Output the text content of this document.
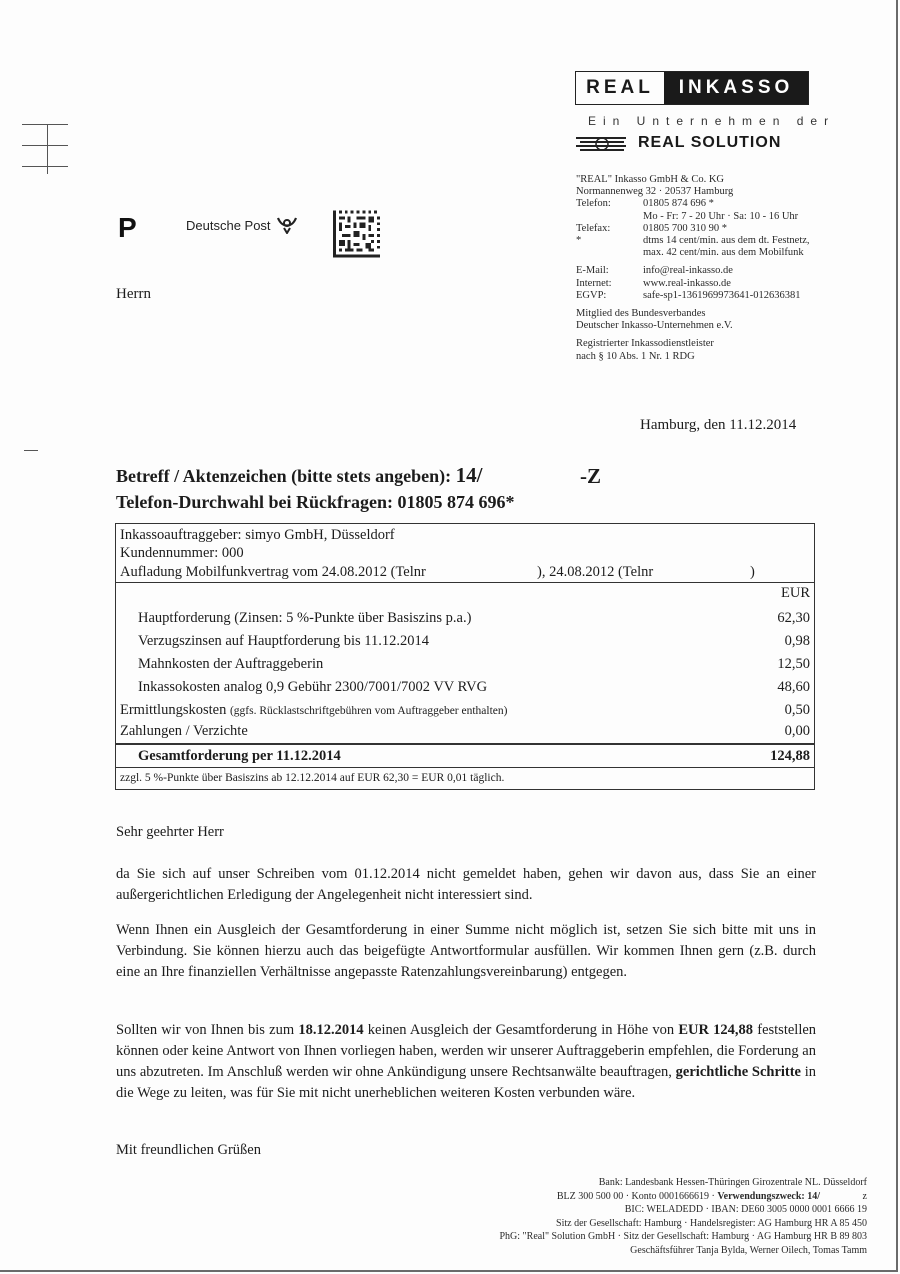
REAL	INKASSO
Ein Unternehmen der
REAL SOLUTION
"REAL" Inkasso GmbH & Co. KG
Normannenweg 32 · 20537 Hamburg
Telefon:	01805 874 696 *
Mo - Fr: 7 - 20 Uhr · Sa: 10 - 16 Uhr
Telefax:	01805 700 310 90 *
*	dtms 14 cent/min. aus dem dt. Festnetz,
max. 42 cent/min. aus dem Mobilfunk
E-Mail:	info@real-inkasso.de
Internet:	www.real-inkasso.de
EGVP:	safe-sp1-1361969973641-012636381
Mitglied des Bundesverbandes
Deutscher Inkasso-Unternehmen e.V.
Registrierter Inkassodienstleister
nach § 10 Abs. 1 Nr. 1 RDG
P	Deutsche Post
Herrn
Hamburg, den 11.12.2014
Betreff / Aktenzeichen (bitte stets angeben): 14/
Telefon-Durchwahl bei Rückfragen: 01805 874 696*
-Z
Inkassoauftraggeber: simyo GmbH, Düsseldorf
Kundennummer: 000
Aufladung Mobilfunkvertrag vom 24.08.2012 (Telnr	), 24.08.2012 (Telnr	)
EUR
Hauptforderung (Zinsen: 5 %-Punkte über Basiszins p.a.)	62,30
Verzugszinsen auf Hauptforderung bis 11.12.2014	0,98
Mahnkosten der Auftraggeberin	12,50
Inkassokosten analog 0,9 Gebühr 2300/7001/7002 VV RVG	48,60
Ermittlungskosten (ggfs. Rücklastschriftgebühren vom Auftraggeber enthalten)	0,50
Zahlungen / Verzichte	0,00
Gesamtforderung per 11.12.2014	124,88
zzgl. 5 %-Punkte über Basiszins ab 12.12.2014 auf EUR 62,30 = EUR 0,01 täglich.
Sehr geehrter Herr
da Sie sich auf unser Schreiben vom 01.12.2014 nicht gemeldet haben, gehen wir davon aus, dass Sie an einer außergerichtlichen Erledigung der Angelegenheit nicht interessiert sind.
Wenn Ihnen ein Ausgleich der Gesamtforderung in einer Summe nicht möglich ist, setzen Sie sich bitte mit uns in Verbindung. Sie können hierzu auch das beigefügte Antwortformular ausfüllen. Wir kommen Ihnen gern (z.B. durch eine an Ihre finanziellen Verhältnisse angepasste Ratenzahlungsvereinbarung) entgegen.
Sollten wir von Ihnen bis zum 18.12.2014 keinen Ausgleich der Gesamtforderung in Höhe von EUR 124,88 feststellen können oder keine Antwort von Ihnen vorliegen haben, werden wir unserer Auftraggeberin empfehlen, die Forderung an uns abzutreten. Im Anschluß werden wir ohne Ankündigung unsere Rechtsanwälte beauftragen, gerichtliche Schritte in die Wege zu leiten, was für Sie mit nicht unerheblichen weiteren Kosten verbunden wäre.
Mit freundlichen Grüßen
Bank: Landesbank Hessen-Thüringen Girozentrale NL. Düsseldorf
BLZ 300 500 00 · Konto 0001666619 · Verwendungszweck: 14/	z
BIC: WELADEDD · IBAN: DE60 3005 0000 0001 6666 19
Sitz der Gesellschaft: Hamburg · Handelsregister: AG Hamburg HR A 85 450
PhG: "Real" Solution GmbH · Sitz der Gesellschaft: Hamburg · AG Hamburg HR B 89 803
Geschäftsführer Tanja Bylda, Werner Oilech, Tomas Tamm
